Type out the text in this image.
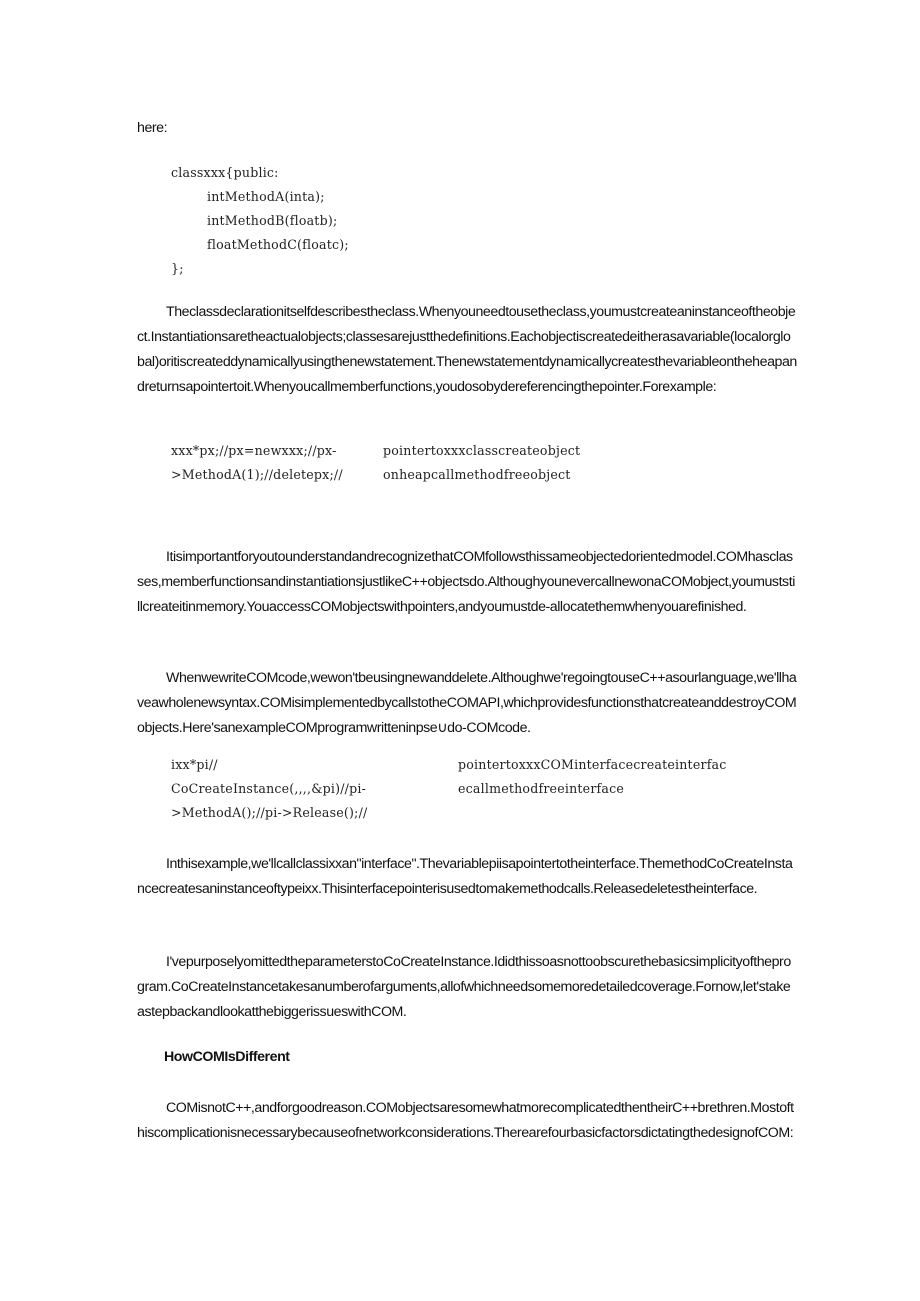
here:

classxxx{public:
intMethodA(inta);
intMethodB(floatb);
floatMethodC(floatc);
};

Theclassdeclarationitselfdescribestheclass.Whenyouneedtousetheclass,youmustcreateaninstanceoftheobject.Instantiationsaretheactualobjects;classesarejustthedefinitions.Eachobjectiscreatedeitherasavariable(localorglobal)oritiscreateddynamicallyusingthenewstatement.Thenewstatementdynamicallycreatesthevariableontheheapandreturnsapointertoit.Whenyoucallmemberfunctions,youdosobydereferencingthepointer.Forexample:

xxx*px;//px=newxxx;//px-
>MethodA(1);//deletepx;//

pointertoxxxclasscreateobjectonheapcallmethodfreeobject

ItisimportantforyoutounderstandandrecognizethatCOMfollowsthissameobjectedorientedmodel.COMhasclasses,memberfunctionsandinstantiationsjustlikeC++objectsdo.AlthoughyounevercallnewonaCOMobject,youmuststillcreateitinmemory.YouaccessCOMobjectswithpointers,andyoumustde-allocatethemwhenyouarefinished.

WhenwewriteCOMcode,wewon'tbeusingnewanddelete.Althoughwe'regoingtouseC++asourlanguage,we'llhaveawholenewsyntax.COMisimplementedbycallstotheCOMAPI,whichprovidesfunctionsthatcreateanddestroyCOMobjects.Here'sanexampleCOMprogramwritteninpse∪do-COMcode.

ixx*pi//
CoCreateInstance(,,,,&pi)//pi-
>MethodA();//pi->Release();//

pointertoxxxCOMinterfacecreateinterfacecallmethodfreeinterface

Inthisexample,we'llcallclassixxan"interface".Thevariablepiisapointertotheinterface.ThemethodCoCreateInstancecreatesaninstanceoftypeixx.Thisinterfacepointerisusedtomakemethodcalls.Releasedeletestheinterface.

I'vepurposelyomittedtheparameterstoCoCreateInstance.Ididthissoasnottoobscurethebasicsimplicityoftheprogram.CoCreateInstancetakesanumberofarguments,allofwhichneedsomemoredetailedcoverage.Fornow,let'stakeastepbackandlookatthebiggerissueswithCOM.

HowCOMIsDifferent

COMisnotC++,andforgoodreason.COMobjectsaresomewhatmorecomplicatedthentheirC++brethren.Mostofthiscomplicationisnecessarybecauseofnetworkconsiderations.TherearefourbasicfactorsdictatingthedesignofCOM:
